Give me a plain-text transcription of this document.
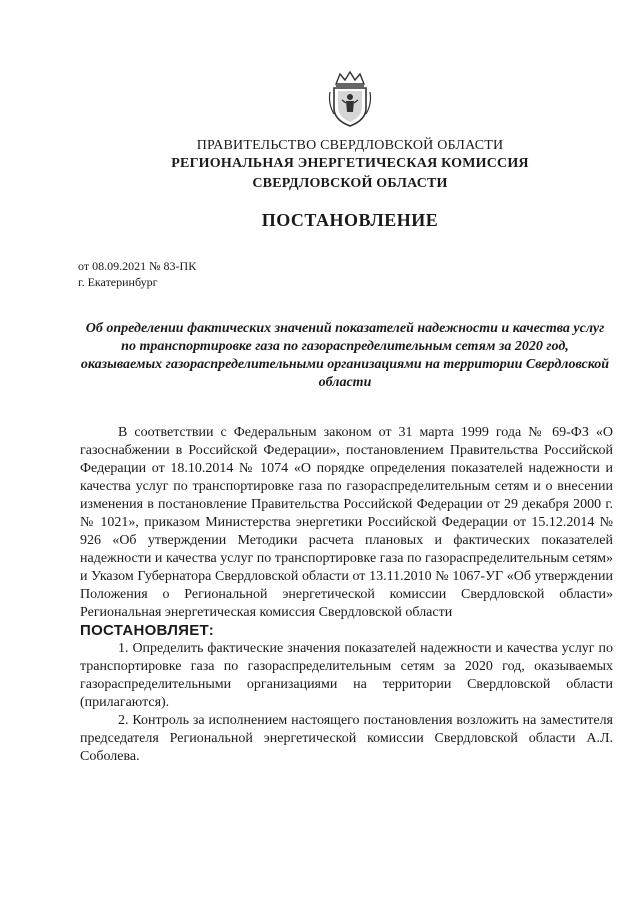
ПРАВИТЕЛЬСТВО СВЕРДЛОВСКОЙ ОБЛАСТИ
РЕГИОНАЛЬНАЯ ЭНЕРГЕТИЧЕСКАЯ КОМИССИЯ
СВЕРДЛОВСКОЙ ОБЛАСТИ
ПОСТАНОВЛЕНИЕ
от 08.09.2021 № 83-ПК
г. Екатеринбург
Об определении фактических значений показателей надежности и качества услуг по транспортировке газа по газораспределительным сетям за 2020 год, оказываемых газораспределительными организациями на территории Свердловской области

В соответствии с Федеральным законом от 31 марта 1999 года № 69-ФЗ «О газоснабжении в Российской Федерации», постановлением Правительства Российской Федерации от 18.10.2014 № 1074 «О порядке определения показателей надежности и качества услуг по транспортировке газа по газораспределительным сетям и о внесении изменения в постановление Правительства Российской Федерации от 29 декабря 2000 г. № 1021», приказом Министерства энергетики Российской Федерации от 15.12.2014 № 926 «Об утверждении Методики расчета плановых и фактических показателей надежности и качества услуг по транспортировке газа по газораспределительным сетям» и Указом Губернатора Свердловской области от 13.11.2010 № 1067-УГ «Об утверждении Положения о Региональной энергетической комиссии Свердловской области» Региональная энергетическая комиссия Свердловской области

ПОСТАНОВЛЯЕТ:

1. Определить фактические значения показателей надежности и качества услуг по транспортировке газа по газораспределительным сетям за 2020 год, оказываемых газораспределительными организациями на территории Свердловской области (прилагаются).

2. Контроль за исполнением настоящего постановления возложить на заместителя председателя Региональной энергетической комиссии Свердловской области А.Л. Соболева.
